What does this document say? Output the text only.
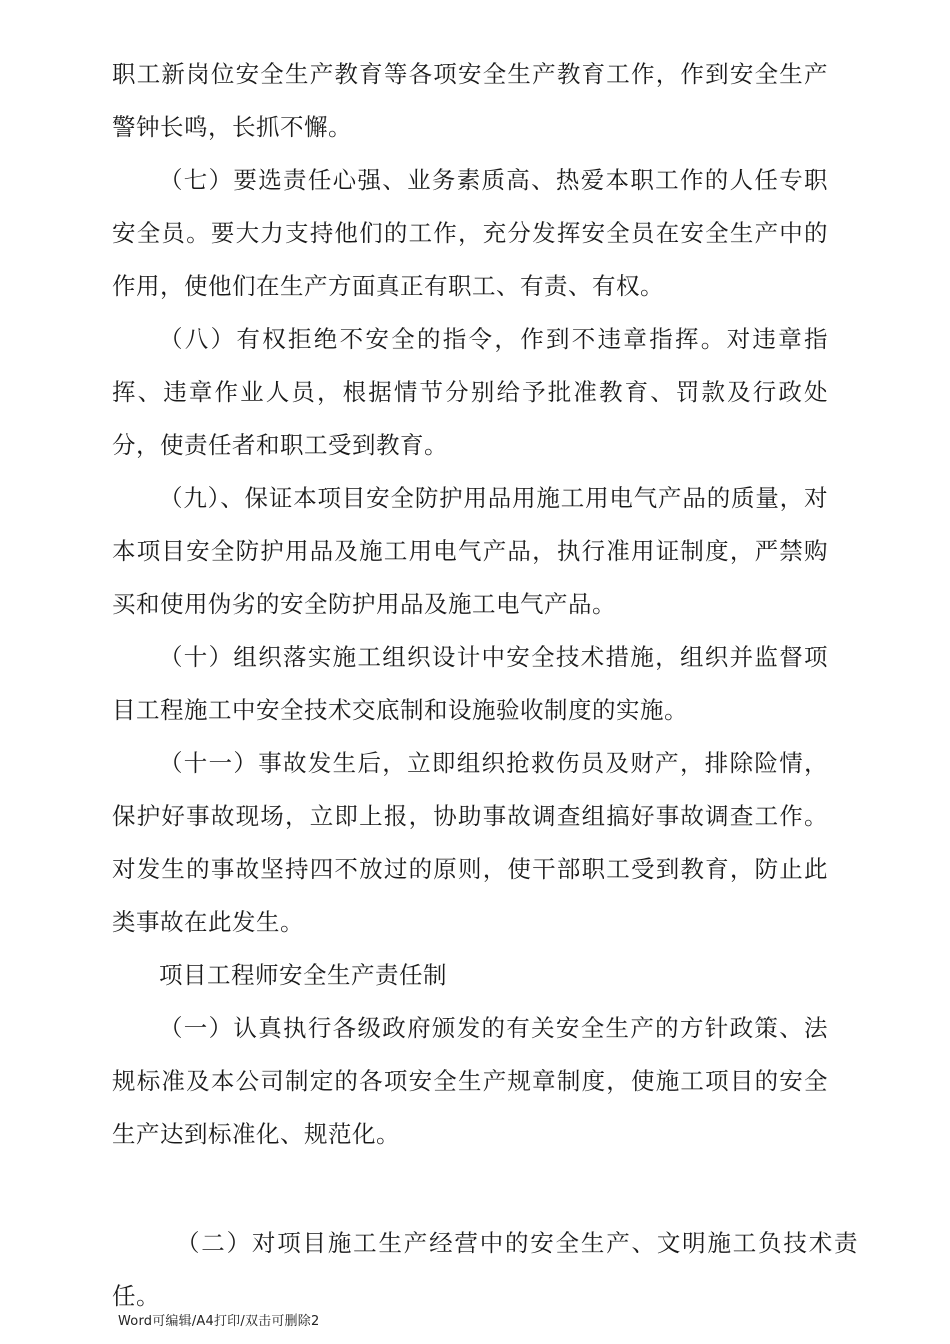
职工新岗位安全生产教育等各项安全生产教育工作，作到安全生产警钟长鸣，长抓不懈。

（七）要选责任心强、业务素质高、热爱本职工作的人任专职安全员。要大力支持他们的工作，充分发挥安全员在安全生产中的作用，使他们在生产方面真正有职工、有责、有权。

（八）有权拒绝不安全的指令，作到不违章指挥。对违章指挥、违章作业人员，根据情节分别给予批准教育、罚款及行政处分，使责任者和职工受到教育。

（九）、保证本项目安全防护用品用施工用电气产品的质量，对本项目安全防护用品及施工用电气产品，执行准用证制度，严禁购买和使用伪劣的安全防护用品及施工电气产品。

（十）组织落实施工组织设计中安全技术措施，组织并监督项目工程施工中安全技术交底制和设施验收制度的实施。

（十一）事故发生后，立即组织抢救伤员及财产，排除险情，保护好事故现场，立即上报，协助事故调查组搞好事故调查工作。对发生的事故坚持四不放过的原则，使干部职工受到教育，防止此类事故在此发生。

项目工程师安全生产责任制

（一）认真执行各级政府颁发的有关安全生产的方针政策、法规标准及本公司制定的各项安全生产规章制度，使施工项目的安全生产达到标准化、规范化。

（二）对项目施工生产经营中的安全生产、文明施工负技术责任。

Word可编辑/A4打印/双击可删除2
